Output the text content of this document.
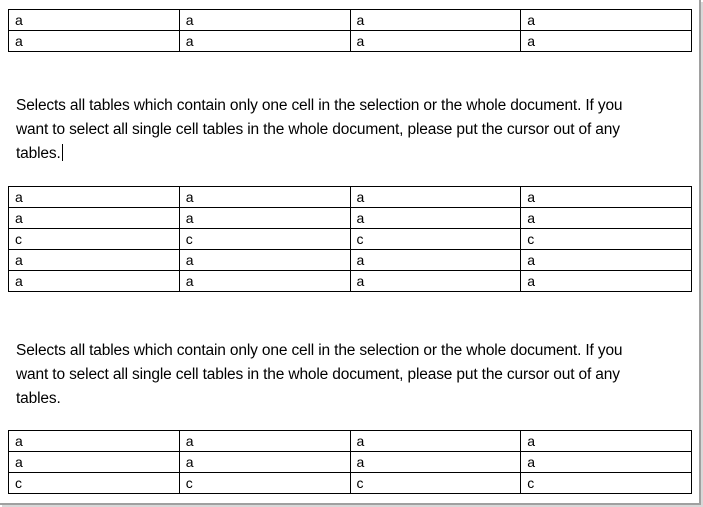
a	a	a	a
a	a	a	a
Selects all tables which contain only one cell in the selection or the whole document. If you
want to select all single cell tables in the whole document, please put the cursor out of any
tables.
a	a	a	a
a	a	a	a
c	c	c	c
a	a	a	a
a	a	a	a
Selects all tables which contain only one cell in the selection or the whole document. If you
want to select all single cell tables in the whole document, please put the cursor out of any
tables.
a	a	a	a
a	a	a	a
c	c	c	c
